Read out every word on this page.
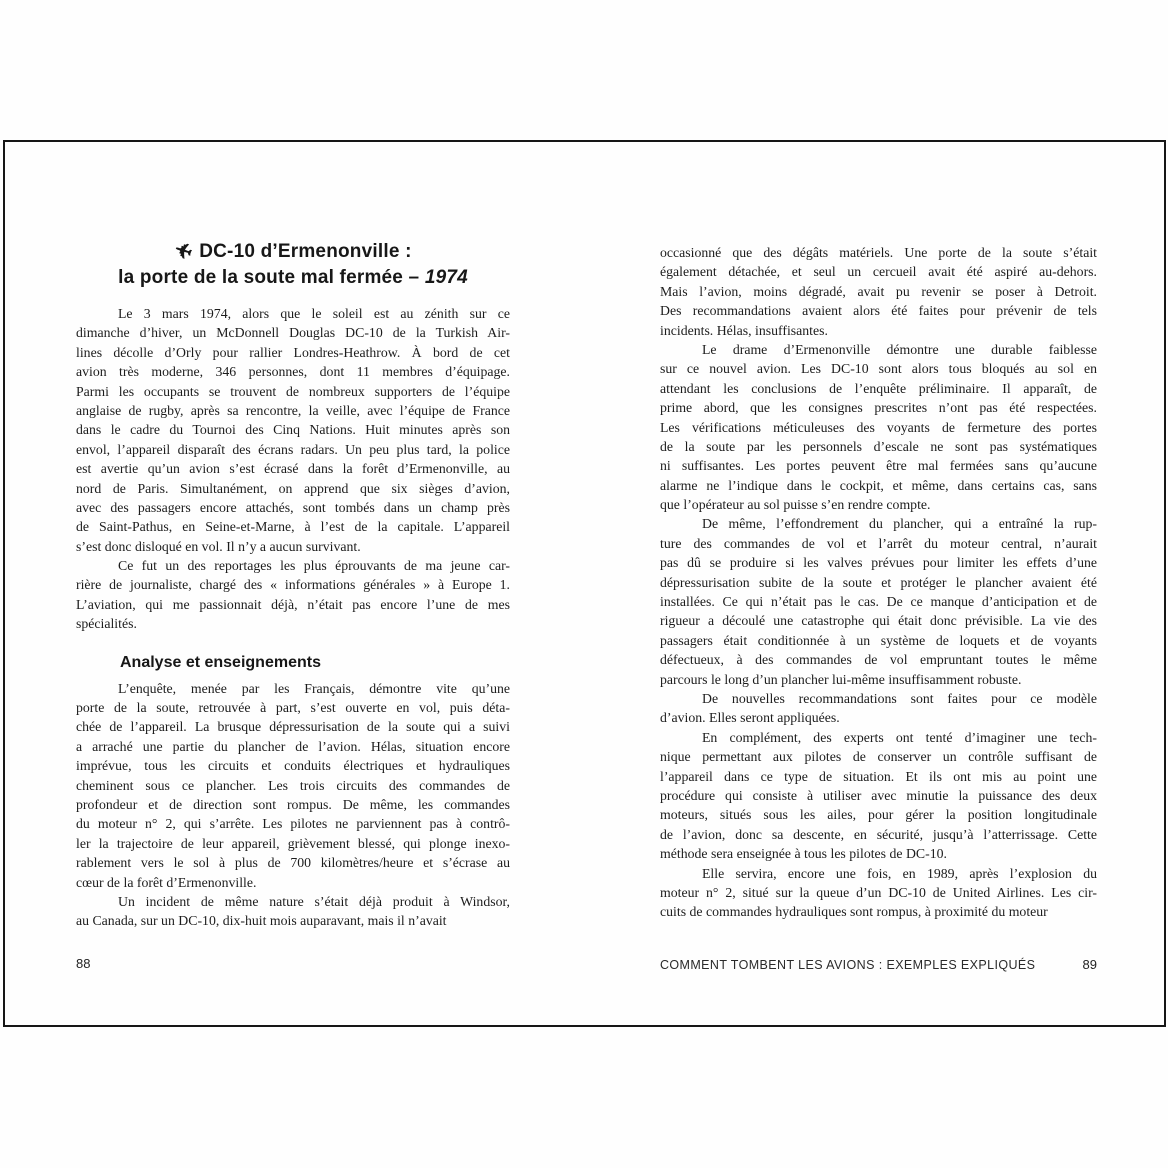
✈ DC-10 d’Ermenonville :
la porte de la soute mal fermée – 1974
Le 3 mars 1974, alors que le soleil est au zénith sur ce
dimanche d’hiver, un McDonnell Douglas DC-10 de la Turkish Air-
lines décolle d’Orly pour rallier Londres-Heathrow. À bord de cet
avion très moderne, 346 personnes, dont 11 membres d’équipage.
Parmi les occupants se trouvent de nombreux supporters de l’équipe
anglaise de rugby, après sa rencontre, la veille, avec l’équipe de France
dans le cadre du Tournoi des Cinq Nations. Huit minutes après son
envol, l’appareil disparaît des écrans radars. Un peu plus tard, la police
est avertie qu’un avion s’est écrasé dans la forêt d’Ermenonville, au
nord de Paris. Simultanément, on apprend que six sièges d’avion,
avec des passagers encore attachés, sont tombés dans un champ près
de Saint-Pathus, en Seine-et-Marne, à l’est de la capitale. L’appareil
s’est donc disloqué en vol. Il n’y a aucun survivant.
Ce fut un des reportages les plus éprouvants de ma jeune car-
rière de journaliste, chargé des « informations générales » à Europe 1.
L’aviation, qui me passionnait déjà, n’était pas encore l’une de mes
spécialités.
Analyse et enseignements
L’enquête, menée par les Français, démontre vite qu’une
porte de la soute, retrouvée à part, s’est ouverte en vol, puis déta-
chée de l’appareil. La brusque dépressurisation de la soute qui a suivi
a arraché une partie du plancher de l’avion. Hélas, situation encore
imprévue, tous les circuits et conduits électriques et hydrauliques
cheminent sous ce plancher. Les trois circuits des commandes de
profondeur et de direction sont rompus. De même, les commandes
du moteur n° 2, qui s’arrête. Les pilotes ne parviennent pas à contrô-
ler la trajectoire de leur appareil, grièvement blessé, qui plonge inexo-
rablement vers le sol à plus de 700 kilomètres/heure et s’écrase au
cœur de la forêt d’Ermenonville.
Un incident de même nature s’était déjà produit à Windsor,
au Canada, sur un DC-10, dix-huit mois auparavant, mais il n’avait
occasionné que des dégâts matériels. Une porte de la soute s’était
également détachée, et seul un cercueil avait été aspiré au-dehors.
Mais l’avion, moins dégradé, avait pu revenir se poser à Detroit.
Des recommandations avaient alors été faites pour prévenir de tels
incidents. Hélas, insuffisantes.
Le drame d’Ermenonville démontre une durable faiblesse
sur ce nouvel avion. Les DC-10 sont alors tous bloqués au sol en
attendant les conclusions de l’enquête préliminaire. Il apparaît, de
prime abord, que les consignes prescrites n’ont pas été respectées.
Les vérifications méticuleuses des voyants de fermeture des portes
de la soute par les personnels d’escale ne sont pas systématiques
ni suffisantes. Les portes peuvent être mal fermées sans qu’aucune
alarme ne l’indique dans le cockpit, et même, dans certains cas, sans
que l’opérateur au sol puisse s’en rendre compte.
De même, l’effondrement du plancher, qui a entraîné la rup-
ture des commandes de vol et l’arrêt du moteur central, n’aurait
pas dû se produire si les valves prévues pour limiter les effets d’une
dépressurisation subite de la soute et protéger le plancher avaient été
installées. Ce qui n’était pas le cas. De ce manque d’anticipation et de
rigueur a découlé une catastrophe qui était donc prévisible. La vie des
passagers était conditionnée à un système de loquets et de voyants
défectueux, à des commandes de vol empruntant toutes le même
parcours le long d’un plancher lui-même insuffisamment robuste.
De nouvelles recommandations sont faites pour ce modèle
d’avion. Elles seront appliquées.
En complément, des experts ont tenté d’imaginer une tech-
nique permettant aux pilotes de conserver un contrôle suffisant de
l’appareil dans ce type de situation. Et ils ont mis au point une
procédure qui consiste à utiliser avec minutie la puissance des deux
moteurs, situés sous les ailes, pour gérer la position longitudinale
de l’avion, donc sa descente, en sécurité, jusqu’à l’atterrissage. Cette
méthode sera enseignée à tous les pilotes de DC-10.
Elle servira, encore une fois, en 1989, après l’explosion du
moteur n° 2, situé sur la queue d’un DC-10 de United Airlines. Les cir-
cuits de commandes hydrauliques sont rompus, à proximité du moteur
88	COMMENT TOMBENT LES AVIONS : EXEMPLES EXPLIQUÉS	89
